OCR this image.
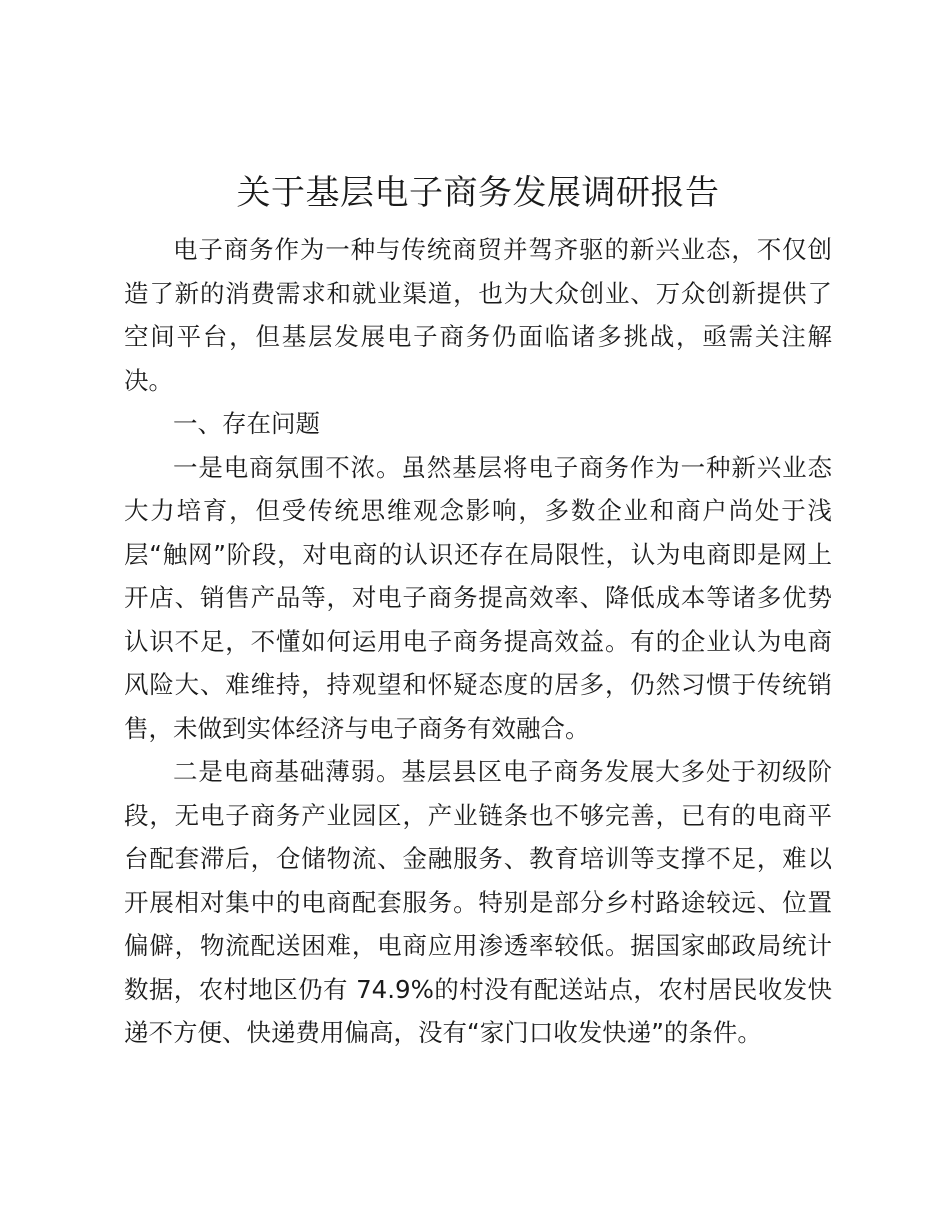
关于基层电子商务发展调研报告

电子商务作为一种与传统商贸并驾齐驱的新兴业态，不仅创造了新的消费需求和就业渠道，也为大众创业、万众创新提供了空间平台，但基层发展电子商务仍面临诸多挑战，亟需关注解决。

一、存在问题

一是电商氛围不浓。虽然基层将电子商务作为一种新兴业态大力培育，但受传统思维观念影响，多数企业和商户尚处于浅层“触网”阶段，对电商的认识还存在局限性，认为电商即是网上开店、销售产品等，对电子商务提高效率、降低成本等诸多优势认识不足，不懂如何运用电子商务提高效益。有的企业认为电商风险大、难维持，持观望和怀疑态度的居多，仍然习惯于传统销售，未做到实体经济与电子商务有效融合。

二是电商基础薄弱。基层县区电子商务发展大多处于初级阶段，无电子商务产业园区，产业链条也不够完善，已有的电商平台配套滞后，仓储物流、金融服务、教育培训等支撑不足，难以开展相对集中的电商配套服务。特别是部分乡村路途较远、位置偏僻，物流配送困难，电商应用渗透率较低。据国家邮政局统计数据，农村地区仍有 74.9%的村没有配送站点，农村居民收发快递不方便、快递费用偏高，没有“家门口收发快递”的条件。
